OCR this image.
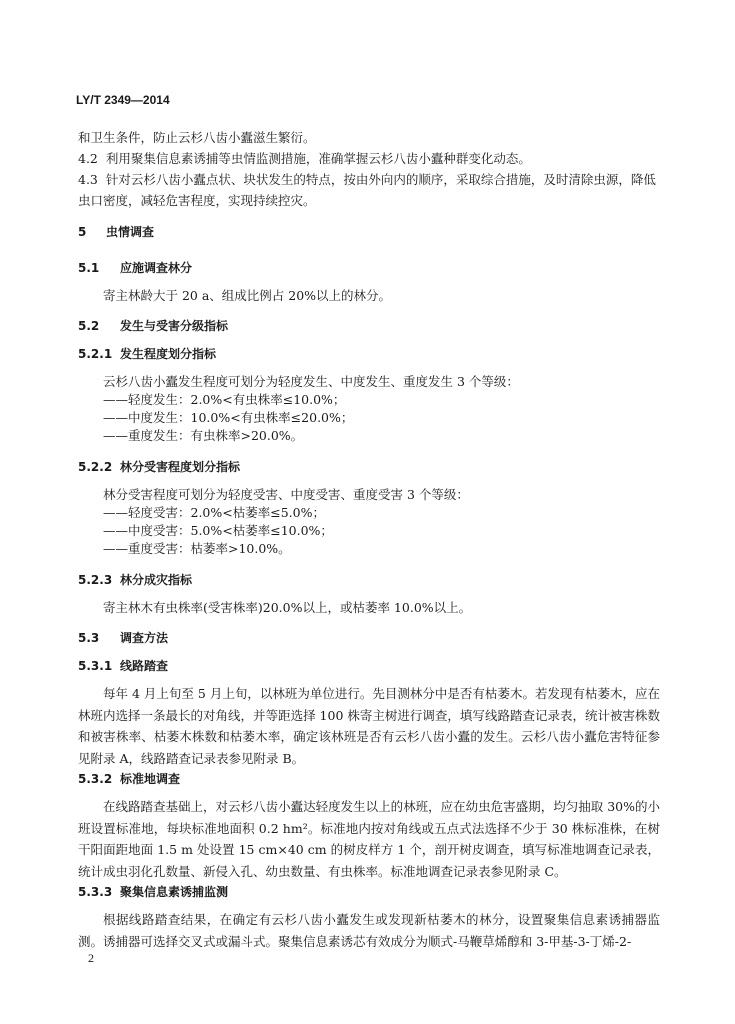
LY/T 2349—2014
和卫生条件，防止云杉八齿小蠹滋生繁衍。
4.2 利用聚集信息素诱捕等虫情监测措施，准确掌握云杉八齿小蠹种群变化动态。
4.3 针对云杉八齿小蠹点状、块状发生的特点，按由外向内的顺序，采取综合措施，及时清除虫源，降低
虫口密度，减轻危害程度，实现持续控灾。
5 虫情调查
5.1 应施调查林分
寄主林龄大于 20 a、组成比例占 20%以上的林分。
5.2 发生与受害分级指标
5.2.1 发生程度划分指标
云杉八齿小蠹发生程度可划分为轻度发生、中度发生、重度发生 3 个等级：
——轻度发生：2.0%<有虫株率≤10.0%；
——中度发生：10.0%<有虫株率≤20.0%；
——重度发生：有虫株率>20.0%。
5.2.2 林分受害程度划分指标
林分受害程度可划分为轻度受害、中度受害、重度受害 3 个等级：
——轻度受害：2.0%<枯萎率≤5.0%；
——中度受害：5.0%<枯萎率≤10.0%；
——重度受害：枯萎率>10.0%。
5.2.3 林分成灾指标
寄主林木有虫株率(受害株率)20.0%以上，或枯萎率 10.0%以上。
5.3 调查方法
5.3.1 线路踏查
每年 4 月上旬至 5 月上旬，以林班为单位进行。先目测林分中是否有枯萎木。若发现有枯萎木，应在林班内选择一条最长的对角线，并等距选择 100 株寄主树进行调查，填写线路踏查记录表，统计被害株数和被害株率、枯萎木株数和枯萎木率，确定该林班是否有云杉八齿小蠹的发生。云杉八齿小蠹危害特征参见附录 A，线路踏查记录表参见附录 B。
5.3.2 标准地调查
在线路踏查基础上，对云杉八齿小蠹达轻度发生以上的林班，应在幼虫危害盛期，均匀抽取 30%的小班设置标准地，每块标准地面积 0.2 hm²。标准地内按对角线或五点式法选择不少于 30 株标准株，在树干阳面距地面 1.5 m 处设置 15 cm×40 cm 的树皮样方 1 个，剖开树皮调查，填写标准地调查记录表，统计成虫羽化孔数量、新侵入孔、幼虫数量、有虫株率。标准地调查记录表参见附录 C。
5.3.3 聚集信息素诱捕监测
根据线路踏查结果，在确定有云杉八齿小蠹发生或发现新枯萎木的林分，设置聚集信息素诱捕器监测。诱捕器可选择交叉式或漏斗式。聚集信息素诱芯有效成分为顺式-马鞭草烯醇和 3-甲基-3-丁烯-2-
2
